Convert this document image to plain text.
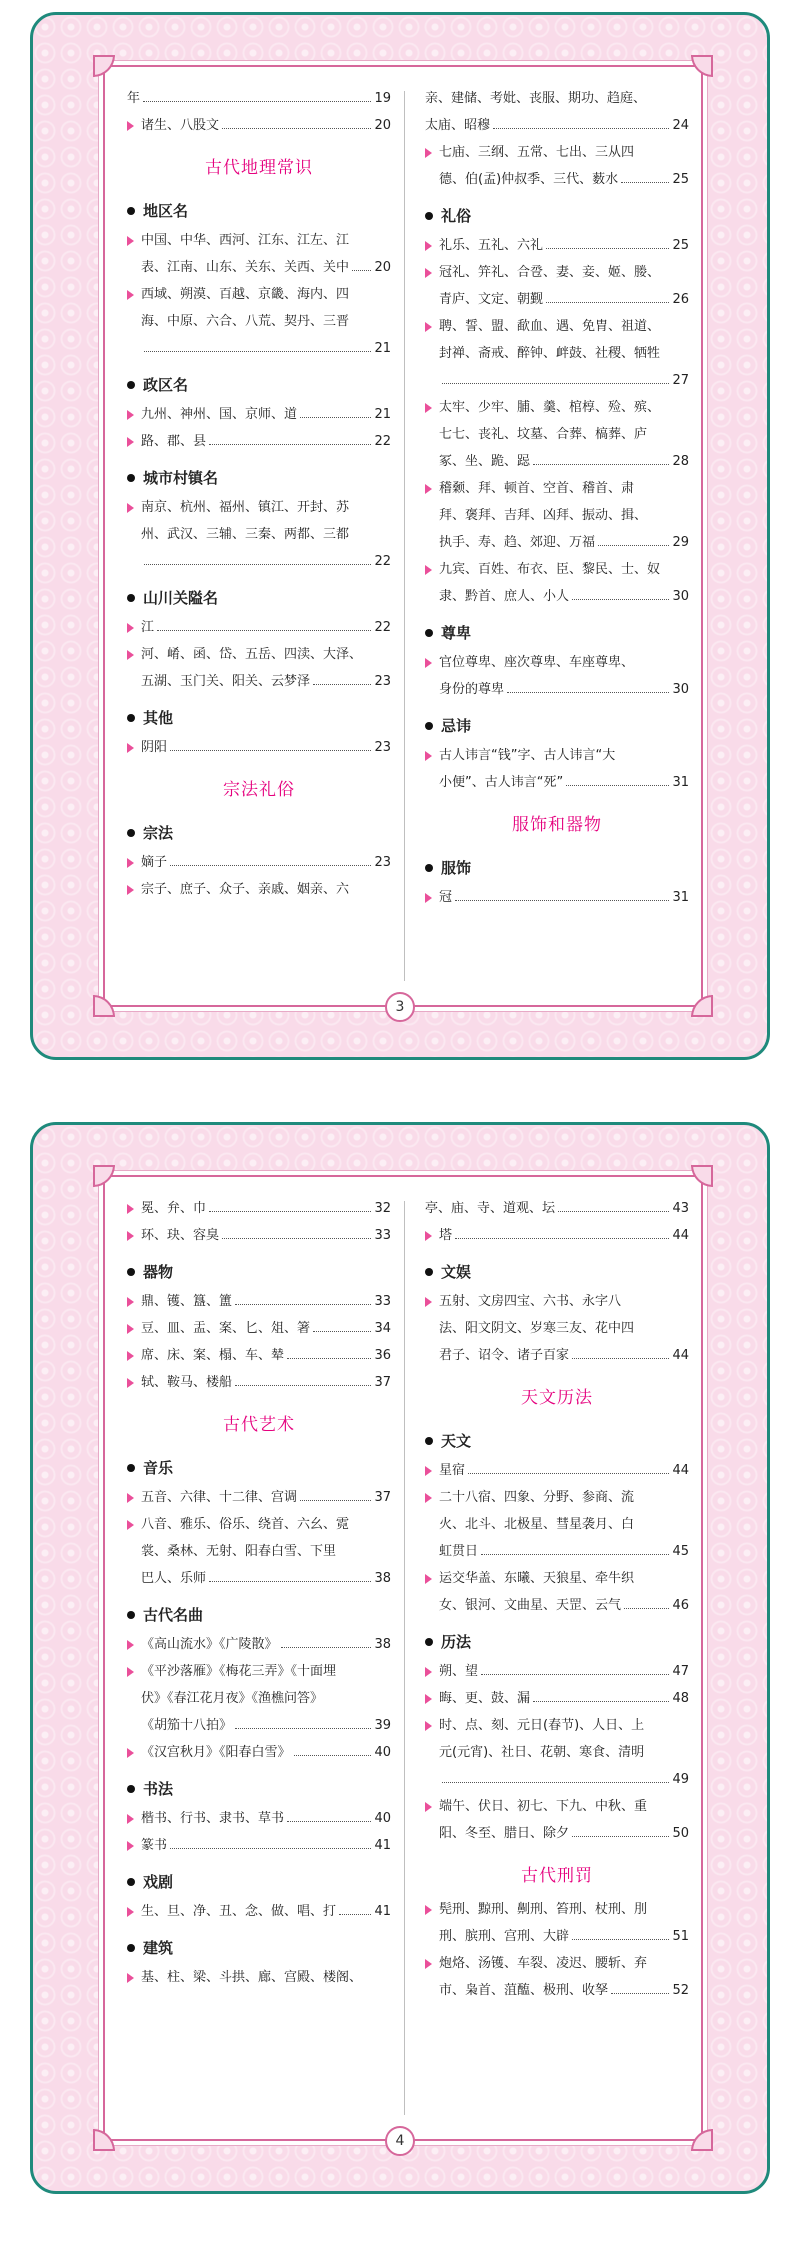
年	19
诸生、八股文	20
古代地理常识
地区名
中国、中华、西河、江东、江左、江
表、江南、山东、关东、关西、关中 20
西域、朔漠、百越、京畿、海内、四
海、中原、六合、八荒、契丹、三晋
21
政区名
九州、神州、国、京师、道	21
路、郡、县	22
城市村镇名
南京、杭州、福州、镇江、开封、苏
州、武汉、三辅、三秦、两都、三都
22
山川关隘名
江	22
河、崤、函、岱、五岳、四渎、大泽、
五湖、玉门关、阳关、云梦泽	23
其他
阴阳	23
宗法礼俗
宗法
嫡子	23
宗子、庶子、众子、亲戚、姻亲、六
亲、建储、考妣、丧服、期功、趋庭、
太庙、昭穆	24
七庙、三纲、五常、七出、三从四
德、伯(孟)仲叔季、三代、薮水	25
礼俗
礼乐、五礼、六礼	25
冠礼、笄礼、合卺、妻、妾、姬、媵、
青庐、文定、朝觐	26
聘、誓、盟、歃血、遇、免胄、祖道、
封禅、斋戒、醉钟、衅鼓、社稷、牺牲
27
太牢、少牢、脯、羹、棺椁、殓、殡、
七七、丧礼、坟墓、合葬、槁葬、庐
冢、坐、跪、跽	28
稽颡、拜、顿首、空首、稽首、肃
拜、褒拜、吉拜、凶拜、振动、揖、
执手、寿、趋、郊迎、万福	29
九宾、百姓、布衣、臣、黎民、士、奴
隶、黔首、庶人、小人	30
尊卑
官位尊卑、座次尊卑、车座尊卑、
身份的尊卑	30
忌讳
古人讳言“钱”字、古人讳言“大
小便”、古人讳言“死”	31
服饰和器物
服饰
冠	31
3
冕、弁、巾	32
环、玦、容臭	33
器物
鼎、镬、簋、簠	33
豆、皿、盂、案、匕、俎、箸	34
席、床、案、榻、车、辇	36
轼、鞍马、楼船	37
古代艺术
音乐
五音、六律、十二律、宫调	37
八音、雅乐、俗乐、绕首、六幺、霓
裳、桑林、无射、阳春白雪、下里
巴人、乐师	38
古代名曲
《高山流水》《广陵散》	38
《平沙落雁》《梅花三弄》《十面埋
伏》《春江花月夜》《渔樵问答》
《胡笳十八拍》	39
《汉宫秋月》《阳春白雪》	40
书法
楷书、行书、隶书、草书	40
篆书	41
戏剧
生、旦、净、丑、念、做、唱、打	41
建筑
基、柱、梁、斗拱、廊、宫殿、楼阁、
亭、庙、寺、道观、坛	43
塔	44
文娱
五射、文房四宝、六书、永字八
法、阳文阴文、岁寒三友、花中四
君子、诏令、诸子百家	44
天文历法
天文
星宿	44
二十八宿、四象、分野、参商、流
火、北斗、北极星、彗星袭月、白
虹贯日	45
运交华盖、东曦、天狼星、牵牛织
女、银河、文曲星、天罡、云气	46
历法
朔、望	47
晦、更、鼓、漏	48
时、点、刻、元日(春节)、人日、上
元(元宵)、社日、花朝、寒食、清明
49
端午、伏日、初七、下九、中秋、重
阳、冬至、腊日、除夕	50
古代刑罚
髡刑、黥刑、劓刑、笞刑、杖刑、刖
刑、膑刑、宫刑、大辟	51
炮烙、汤镬、车裂、凌迟、腰斩、弃
市、枭首、菹醢、极刑、收孥	52
4
